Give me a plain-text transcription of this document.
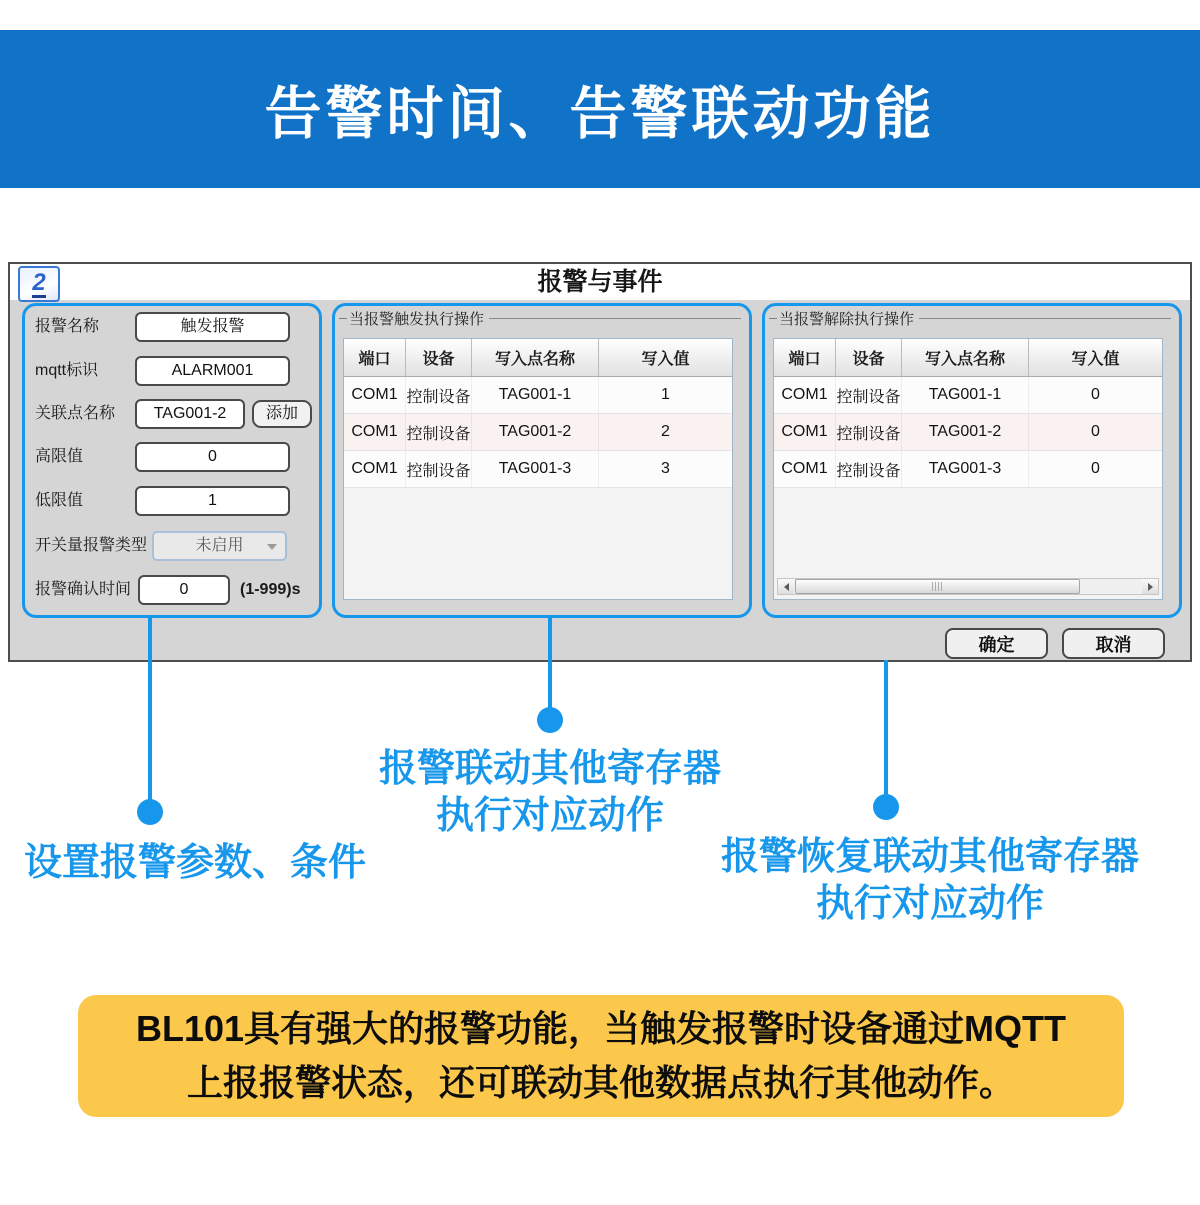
告警时间、告警联动功能
报警与事件
2
报警名称	触发报警
mqtt标识	ALARM001
关联点名称	TAG001-2	添加
高限值	0
低限值	1
开关量报警类型	未启用
报警确认时间	0	(1-999)s
当报警触发执行操作
端口	设备	写入点名称	写入值
COM1 控制设备	TAG001-1	1
COM1 控制设备	TAG001-2	2
COM1 控制设备	TAG001-3	3
当报警解除执行操作
端口	设备	写入点名称	写入值
COM1 控制设备	TAG001-1	0
COM1 控制设备	TAG001-2	0
COM1 控制设备	TAG001-3	0
确定	取消
设置报警参数、条件
报警联动其他寄存器
执行对应动作
报警恢复联动其他寄存器
执行对应动作

BL101具有强大的报警功能，当触发报警时设备通过MQTT

上报报警状态，还可联动其他数据点执行其他动作。
